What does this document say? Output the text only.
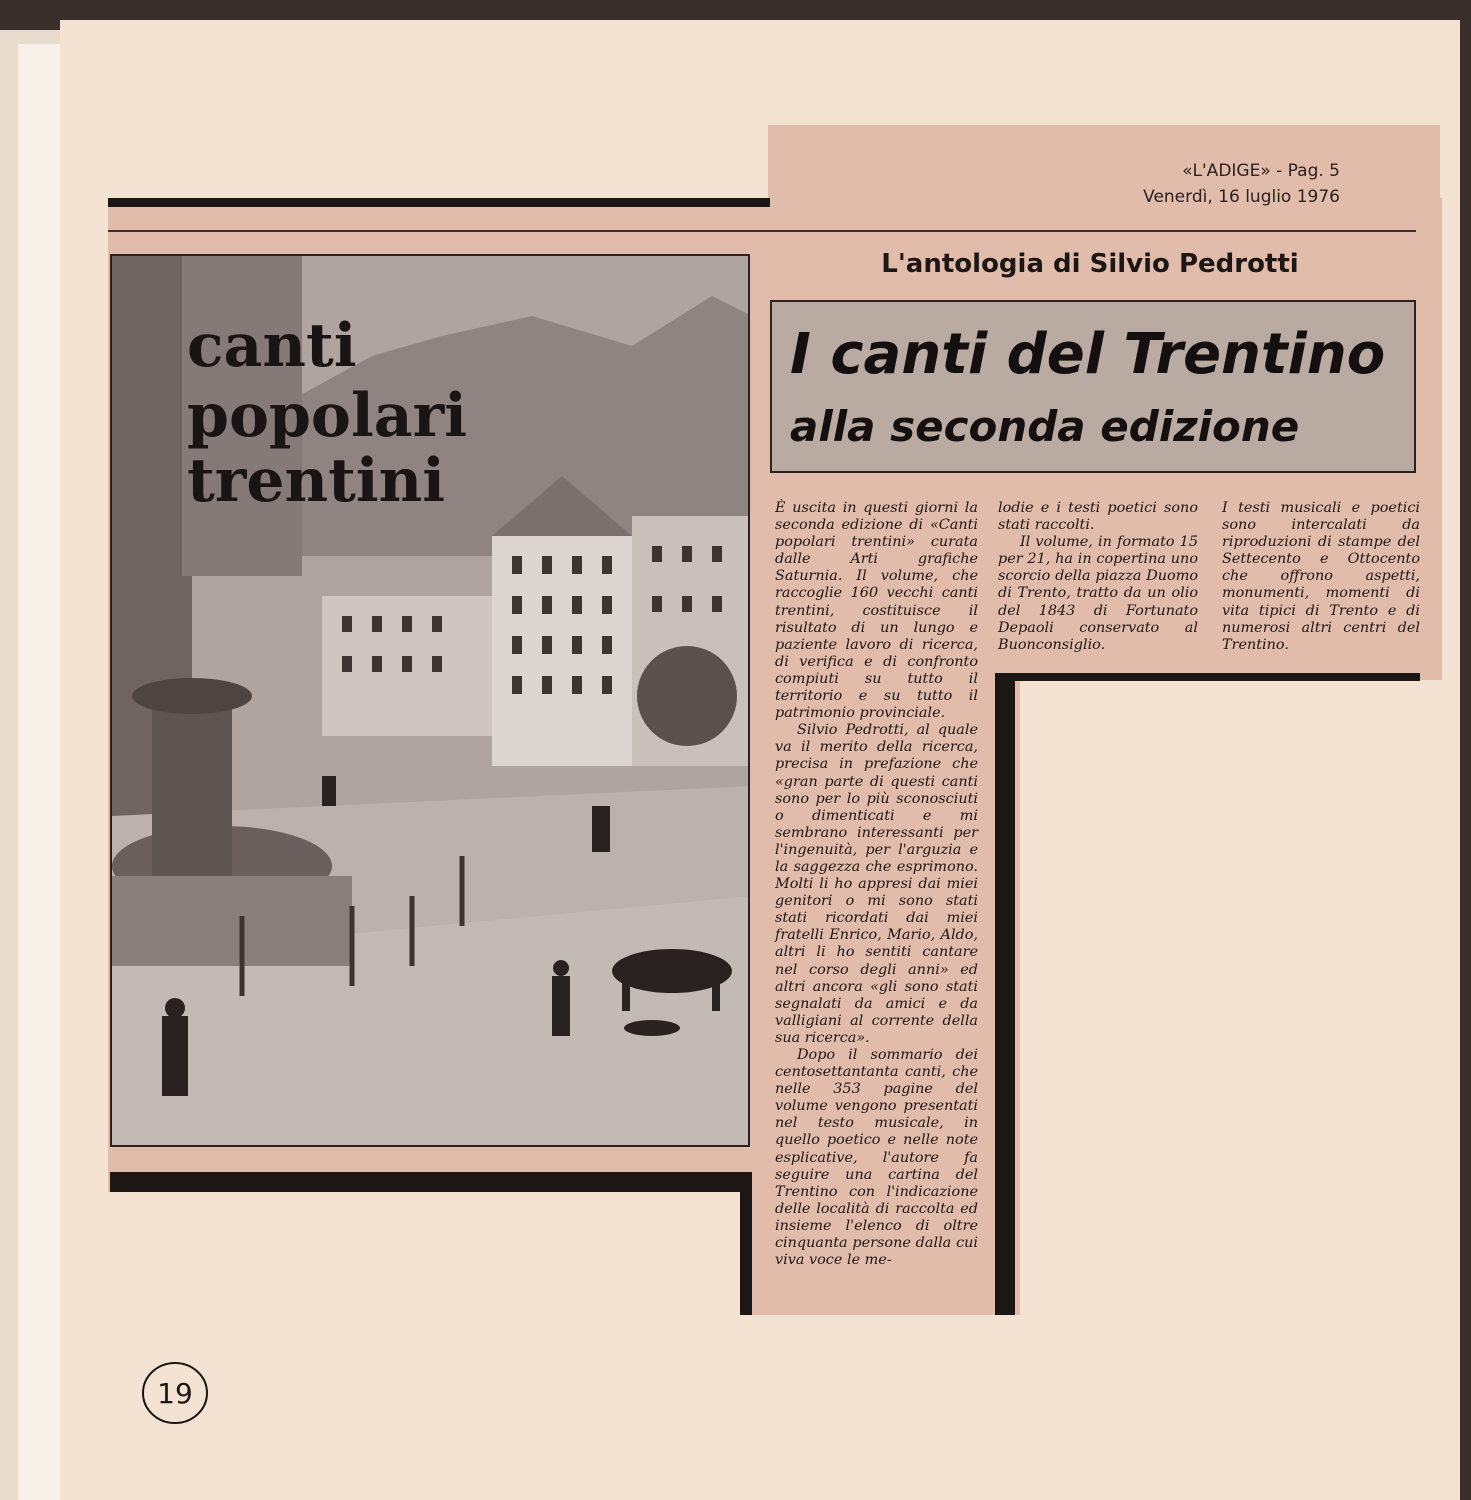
«L'ADIGE» - Pag. 5
Venerdì, 16 luglio 1976
L'antologia di Silvio Pedrotti
I canti del Trentino
alla seconda edizione
canti
popolari
trentini	È uscita in questi giorni la seconda edizione di «Canti popolari trentini» curata dalle Arti grafiche Saturnia. Il volume, che raccoglie 160 vecchi canti trentini, costituisce il risultato di un lungo e paziente lavoro di ricerca, di verifica e di confronto compiuti su tutto il territorio e su tutto il patrimonio provinciale.

Silvio Pedrotti, al quale va il merito della ricerca, precisa in prefazione che «gran parte di questi canti sono per lo più sconosciuti o dimenticati e mi sembrano interessanti per l'ingenuità, per l'arguzia e la saggezza che esprimono. Molti li ho appresi dai miei genitori o mi sono stati stati ricordati dai miei fratelli Enrico, Mario, Aldo, altri li ho sentiti cantare nel corso degli anni» ed altri ancora «gli sono stati segnalati da amici e da valligiani al corrente della sua ricerca».

Dopo il sommario dei centosettantanta canti, che nelle 353 pagine del volume vengono presentati nel testo musicale, in quello poetico e nelle note esplicative, l'autore fa seguire una cartina del Trentino con l'indicazione delle località di raccolta ed insieme l'elenco di oltre cinquanta persone dalla cui viva voce le me-

lodie e i testi poetici sono stati raccolti.

Il volume, in formato 15 per 21, ha in copertina uno scorcio della piazza Duomo di Trento, tratto da un olio del 1843 di Fortunato Depaoli conservato al Buonconsiglio.

I testi musicali e poetici sono intercalati da riproduzioni di stampe del Settecento e Ottocento che offrono aspetti, monumenti, momenti di vita tipici di Trento e di numerosi altri centri del Trentino.

19
